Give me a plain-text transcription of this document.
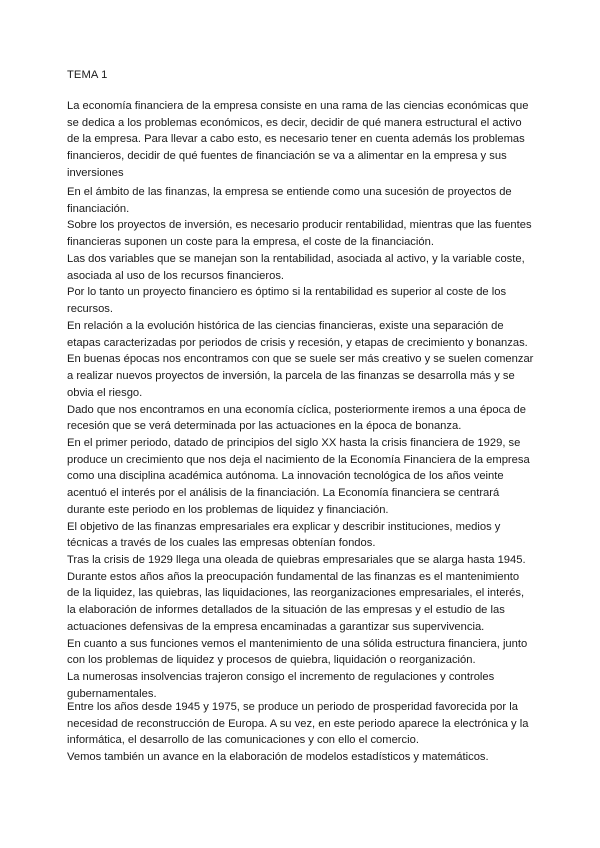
TEMA 1
La economía financiera de la empresa consiste en una rama de las ciencias económicas que
se dedica a los problemas económicos, es decir, decidir de qué manera estructural el activo
de la empresa. Para llevar a cabo esto, es necesario tener en cuenta además los problemas
financieros, decidir de qué fuentes de financiación se va a alimentar en la empresa y sus
inversiones
En el ámbito de las finanzas, la empresa se entiende como una sucesión de proyectos de
financiación.
Sobre los proyectos de inversión, es necesario producir rentabilidad, mientras que las fuentes
financieras suponen un coste para la empresa, el coste de la financiación.
Las dos variables que se manejan son la rentabilidad, asociada al activo, y la variable coste,
asociada al uso de los recursos financieros.
Por lo tanto un proyecto financiero es óptimo si la rentabilidad es superior al coste de los
recursos.
En relación a la evolución histórica de las ciencias financieras, existe una separación de
etapas caracterizadas por periodos de crisis y recesión, y etapas de crecimiento y bonanzas.
En buenas épocas nos encontramos con que se suele ser más creativo y se suelen comenzar
a realizar nuevos proyectos de inversión, la parcela de las finanzas se desarrolla más y se
obvia el riesgo.
Dado que nos encontramos en una economía cíclica, posteriormente iremos a una época de
recesión que se verá determinada por las actuaciones en la época de bonanza.
En el primer periodo, datado de principios del siglo XX hasta la crisis financiera de 1929, se
produce un crecimiento que nos deja el nacimiento de la Economía Financiera de la empresa
como una disciplina académica autónoma. La innovación tecnológica de los años veinte
acentuó el interés por el análisis de la financiación. La Economía financiera se centrará
durante este periodo en los problemas de liquidez y financiación.
El objetivo de las finanzas empresariales era explicar y describir instituciones, medios y
técnicas a través de los cuales las empresas obtenían fondos.
Tras la crisis de 1929 llega una oleada de quiebras empresariales que se alarga hasta 1945.
Durante estos años años la preocupación fundamental de las finanzas es el mantenimiento
de la liquidez, las quiebras, las liquidaciones, las reorganizaciones empresariales, el interés,
la elaboración de informes detallados de la situación de las empresas y el estudio de las
actuaciones defensivas de la empresa encaminadas a garantizar sus supervivencia.
En cuanto a sus funciones vemos el mantenimiento de una sólida estructura financiera, junto
con los problemas de liquidez y procesos de quiebra, liquidación o reorganización.
La numerosas insolvencias trajeron consigo el incremento de regulaciones y controles
gubernamentales.
Entre los años desde 1945 y 1975, se produce un periodo de prosperidad favorecida por la
necesidad de reconstrucción de Europa. A su vez, en este periodo aparece la electrónica y la
informática, el desarrollo de las comunicaciones y con ello el comercio.
Vemos también un avance en la elaboración de modelos estadísticos y matemáticos.
